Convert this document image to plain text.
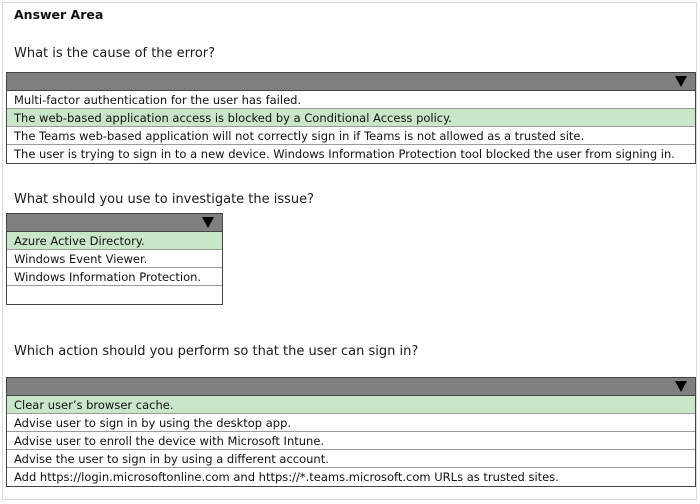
Answer Area
What is the cause of the error?
Multi-factor authentication for the user has failed.
The web-based application access is blocked by a Conditional Access policy.
The Teams web-based application will not correctly sign in if Teams is not allowed as a trusted site.
The user is trying to sign in to a new device. Windows Information Protection tool blocked the user from signing in.
What should you use to investigate the issue?
Azure Active Directory.
Windows Event Viewer.
Windows Information Protection.
Which action should you perform so that the user can sign in?
Clear user’s browser cache.
Advise user to sign in by using the desktop app.
Advise user to enroll the device with Microsoft Intune.
Advise the user to sign in by using a different account.
Add https://login.microsoftonline.com and https://*.teams.microsoft.com URLs as trusted sites.
